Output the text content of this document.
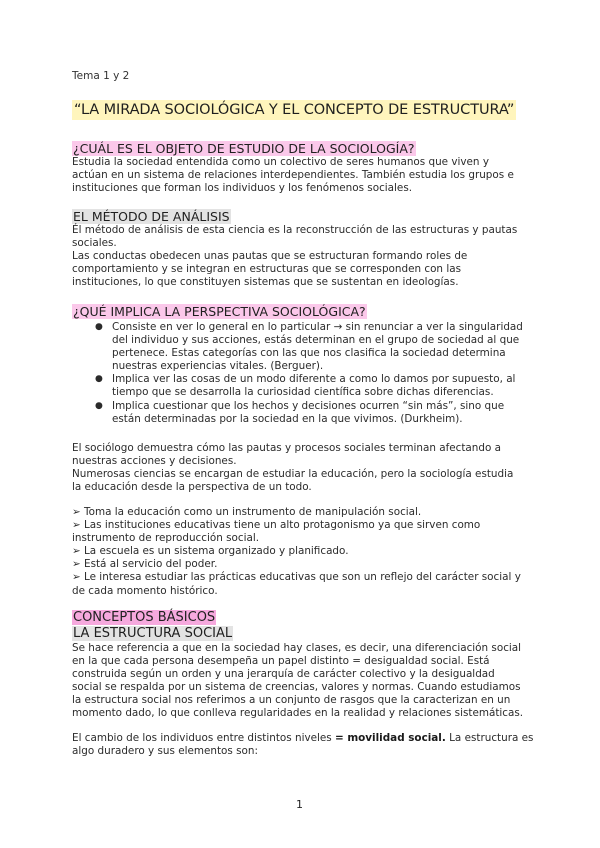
Tema 1 y 2
“LA MIRADA SOCIOLÓGICA Y EL CONCEPTO DE ESTRUCTURA”
¿CUÁL ES EL OBJETO DE ESTUDIO DE LA SOCIOLOGÍA?
Estudia la sociedad entendida como un colectivo de seres humanos que viven y
actúan en un sistema de relaciones interdependientes. También estudia los grupos e
instituciones que forman los individuos y los fenómenos sociales.
EL MÉTODO DE ANÁLISIS
Él método de análisis de esta ciencia es la reconstrucción de las estructuras y pautas
sociales.
Las conductas obedecen unas pautas que se estructuran formando roles de
comportamiento y se integran en estructuras que se corresponden con las
instituciones, lo que constituyen sistemas que se sustentan en ideologías.
¿QUÉ IMPLICA LA PERSPECTIVA SOCIOLÓGICA?
● Consiste en ver lo general en lo particular → sin renunciar a ver la singularidad
del individuo y sus acciones, estás determinan en el grupo de sociedad al que
pertenece. Estas categorías con las que nos clasifica la sociedad determina
nuestras experiencias vitales. (Berguer).
● Implica ver las cosas de un modo diferente a como lo damos por supuesto, al
tiempo que se desarrolla la curiosidad científica sobre dichas diferencias.
● Implica cuestionar que los hechos y decisiones ocurren “sin más”, sino que
están determinadas por la sociedad en la que vivimos. (Durkheim).
El sociólogo demuestra cómo las pautas y procesos sociales terminan afectando a
nuestras acciones y decisiones.
Numerosas ciencias se encargan de estudiar la educación, pero la sociología estudia
la educación desde la perspectiva de un todo.
➢ Toma la educación como un instrumento de manipulación social.
➢ Las instituciones educativas tiene un alto protagonismo ya que sirven como
instrumento de reproducción social.
➢ La escuela es un sistema organizado y planificado.
➢ Está al servicio del poder.
➢ Le interesa estudiar las prácticas educativas que son un reflejo del carácter social y
de cada momento histórico.
CONCEPTOS BÁSICOS
LA ESTRUCTURA SOCIAL
Se hace referencia a que en la sociedad hay clases, es decir, una diferenciación social
en la que cada persona desempeña un papel distinto = desigualdad social. Está
construida según un orden y una jerarquía de carácter colectivo y la desigualdad
social se respalda por un sistema de creencias, valores y normas. Cuando estudiamos
la estructura social nos referimos a un conjunto de rasgos que la caracterizan en un
momento dado, lo que conlleva regularidades en la realidad y relaciones sistemáticas.
El cambio de los individuos entre distintos niveles = movilidad social. La estructura es
algo duradero y sus elementos son:
1
